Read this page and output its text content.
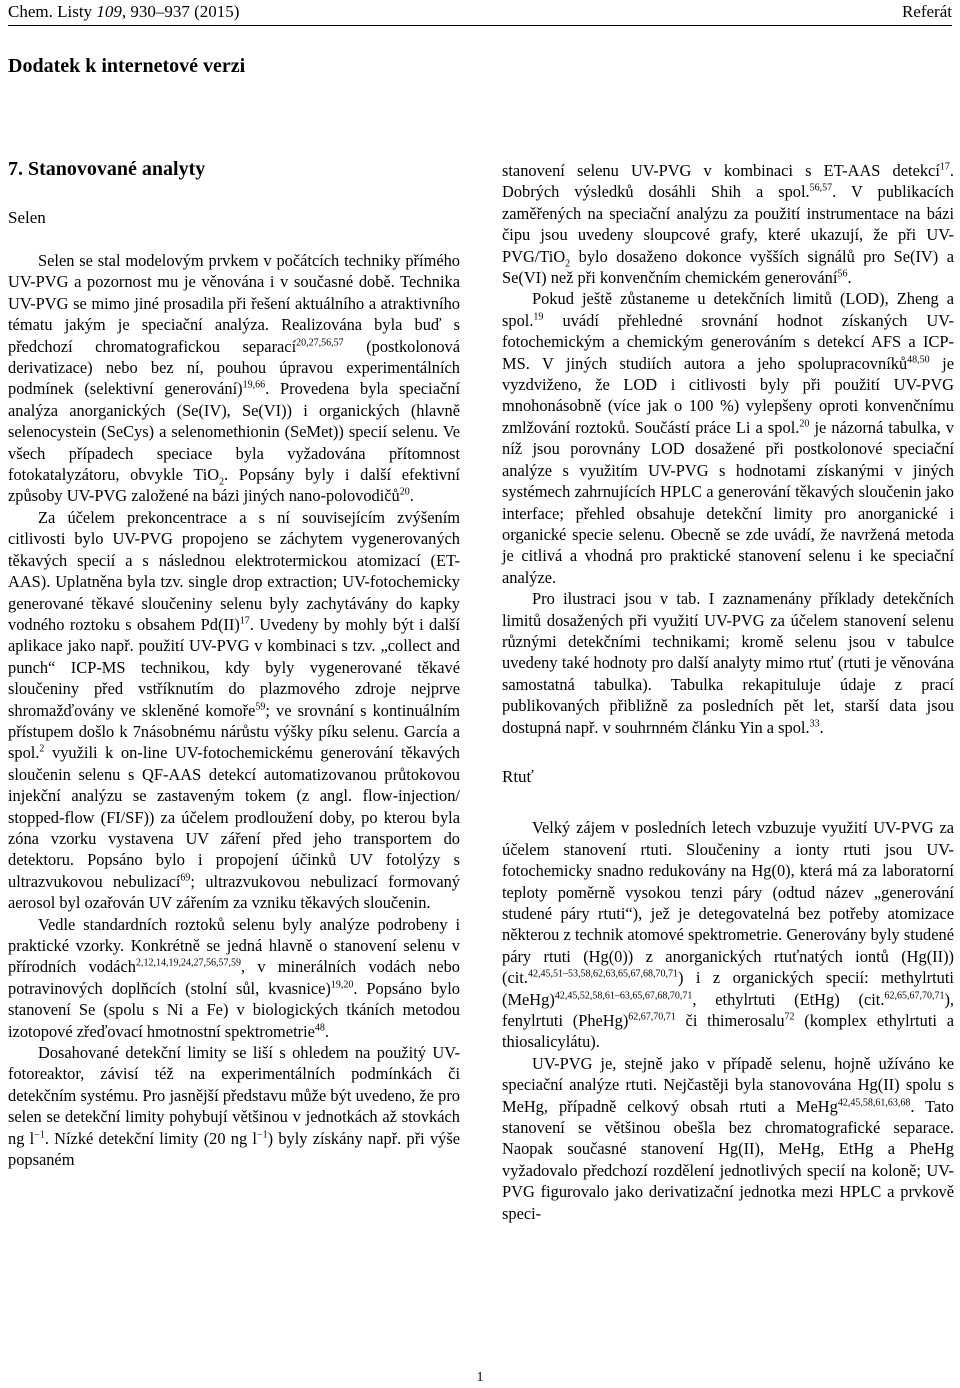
Chem. Listy 109, 930–937 (2015)	Referát
Dodatek k internetové verzi
7. Stanovované analyty
Selen

Selen se stal modelovým prvkem v počátcích techniky přímého UV-PVG a pozornost mu je věnována i v současné době. Technika UV-PVG se mimo jiné prosadila při řešení aktuálního a atraktivního tématu jakým je speciační analýza. Realizována byla buď s předchozí chromatografickou separací$^{20,27,56,57}$ (postkolonová derivatizace) nebo bez ní, pouhou úpravou experimentálních podmínek (selektivní generování)$^{19,66}$. Provedena byla speciační analýza anorganických (Se(IV), Se(VI)) i organických (hlavně selenocystein (SeCys) a selenomethionin (SeMet)) specií selenu. Ve všech případech speciace byla vyžadována přítomnost fotokatalyzátoru, obvykle TiO$_2$. Popsány byly i další efektivní způsoby UV-PVG založené na bázi jiných nano-polovodičů$^{20}$.

Za účelem prekoncentrace a s ní souvisejícím zvýšením citlivosti bylo UV-PVG propojeno se záchytem vygenerovaných těkavých specií a s následnou elektrotermickou atomizací (ET-AAS). Uplatněna byla tzv. single drop extraction; UV-fotochemicky generované těkavé sloučeniny selenu byly zachytávány do kapky vodného roztoku s obsahem Pd(II)$^{17}$. Uvedeny by mohly být i další aplikace jako např. použití UV-PVG v kombinaci s tzv. „collect and punch“ ICP-MS technikou, kdy byly vygenerované těkavé sloučeniny před vstříknutím do plazmového zdroje nejprve shromažďovány ve skleněné komoře$^{59}$; ve srovnání s kontinuálním přístupem došlo k 7násobnému nárůstu výšky píku selenu. García a spol.$^2$ využili k on-line UV-fotochemickému generování těkavých sloučenin selenu s QF-AAS detekcí automatizovanou průtokovou injekční analýzu se zastaveným tokem (z angl. flow-injection/ stopped-flow (FI/SF)) za účelem prodloužení doby, po kterou byla zóna vzorku vystavena UV záření před jeho transportem do detektoru. Popsáno bylo i propojení účinků UV fotolýzy s ultrazvukovou nebulizací$^{69}$; ultrazvukovou nebulizací formovaný aerosol byl ozařován UV zářením za vzniku těkavých sloučenin.

Vedle standardních roztoků selenu byly analýze podrobeny i praktické vzorky. Konkrétně se jedná hlavně o stanovení selenu v přírodních vodách$^{2,12,14,19,24,27,56,57,59}$, v minerálních vodách nebo potravinových doplňcích (stolní sůl, kvasnice)$^{19,20}$. Popsáno bylo stanovení Se (spolu s Ni a Fe) v biologických tkáních metodou izotopové zřeďovací hmotnostní spektrometrie$^{48}$.

Dosahované detekční limity se liší s ohledem na použitý UV-fotoreaktor, závisí též na experimentálních podmínkách či detekčním systému. Pro jasnější představu může být uvedeno, že pro selen se detekční limity pohybují většinou v jednotkách až stovkách ng $l^{-1}$. Nízké detekční limity (20 ng $l^{-1}$) byly získány např. při výše popsaném

stanovení selenu UV-PVG v kombinaci s ET-AAS detekcí$^{17}$. Dobrých výsledků dosáhli Shih a spol.$^{56,57}$. V publikacích zaměřených na speciační analýzu za použití instrumentace na bázi čipu jsou uvedeny sloupcové grafy, které ukazují, že při UV-PVG/TiO$_2$ bylo dosaženo dokonce vyšších signálů pro Se(IV) a Se(VI) než při konvenčním chemickém generování$^{56}$.

Pokud ještě zůstaneme u detekčních limitů (LOD), Zheng a spol.$^{19}$ uvádí přehledné srovnání hodnot získaných UV-fotochemickým a chemickým generováním s detekcí AFS a ICP-MS. V jiných studiích autora a jeho spolupracovníků$^{48,50}$ je vyzdviženo, že LOD i citlivosti byly při použití UV-PVG mnohonásobně (více jak o 100 %) vylepšeny oproti konvenčnímu zmlžování roztoků. Součástí práce Li a spol.$^{20}$ je názorná tabulka, v níž jsou porovnány LOD dosažené při postkolonové speciační analýze s využitím UV-PVG s hodnotami získanými v jiných systémech zahrnujících HPLC a generování těkavých sloučenin jako interface; přehled obsahuje detekční limity pro anorganické i organické specie selenu. Obecně se zde uvádí, že navržená metoda je citlivá a vhodná pro praktické stanovení selenu i ke speciační analýze.

Pro ilustraci jsou v tab. I zaznamenány příklady detekčních limitů dosažených při využití UV-PVG za účelem stanovení selenu různými detekčními technikami; kromě selenu jsou v tabulce uvedeny také hodnoty pro další analyty mimo rtuť (rtuti je věnována samostatná tabulka). Tabulka rekapituluje údaje z prací publikovaných přibližně za posledních pět let, starší data jsou dostupná např. v souhrnném článku Yin a spol.$^{33}$.

Rtuť

Velký zájem v posledních letech vzbuzuje využití UV-PVG za účelem stanovení rtuti. Sloučeniny a ionty rtuti jsou UV-fotochemicky snadno redukovány na Hg(0), která má za laboratorní teploty poměrně vysokou tenzi páry (odtud název „generování studené páry rtuti“), jež je detegovatelná bez potřeby atomizace některou z technik atomové spektrometrie. Generovány byly studené páry rtuti (Hg(0)) z anorganických rtuťnatých iontů (Hg(II)) (cit.$^{42,45,51-53,58,62,63,65,67,68,70,71}$) i z organických specií: methylrtuti (MeHg)$^{42,45,52,58,61-63,65,67,68,70,71}$, ethylrtuti (EtHg) (cit.$^{62,65,67,70,71}$), fenylrtuti (PheHg)$^{62,67,70,71}$ či thimerosalu$^{72}$ (komplex ethylrtuti a thiosalicylátu).

UV-PVG je, stejně jako v případě selenu, hojně užíváno ke speciační analýze rtuti. Nejčastěji byla stanovována Hg(II) spolu s MeHg, případně celkový obsah rtuti a MeHg$^{42,45,58,61,63,68}$. Tato stanovení se většinou obešla bez chromatografické separace. Naopak současné stanovení Hg(II), MeHg, EtHg a PheHg vyžadovalo předchozí rozdělení jednotlivých specií na koloně; UV-PVG figurovalo jako derivatizační jednotka mezi HPLC a prvkově speci-

1
